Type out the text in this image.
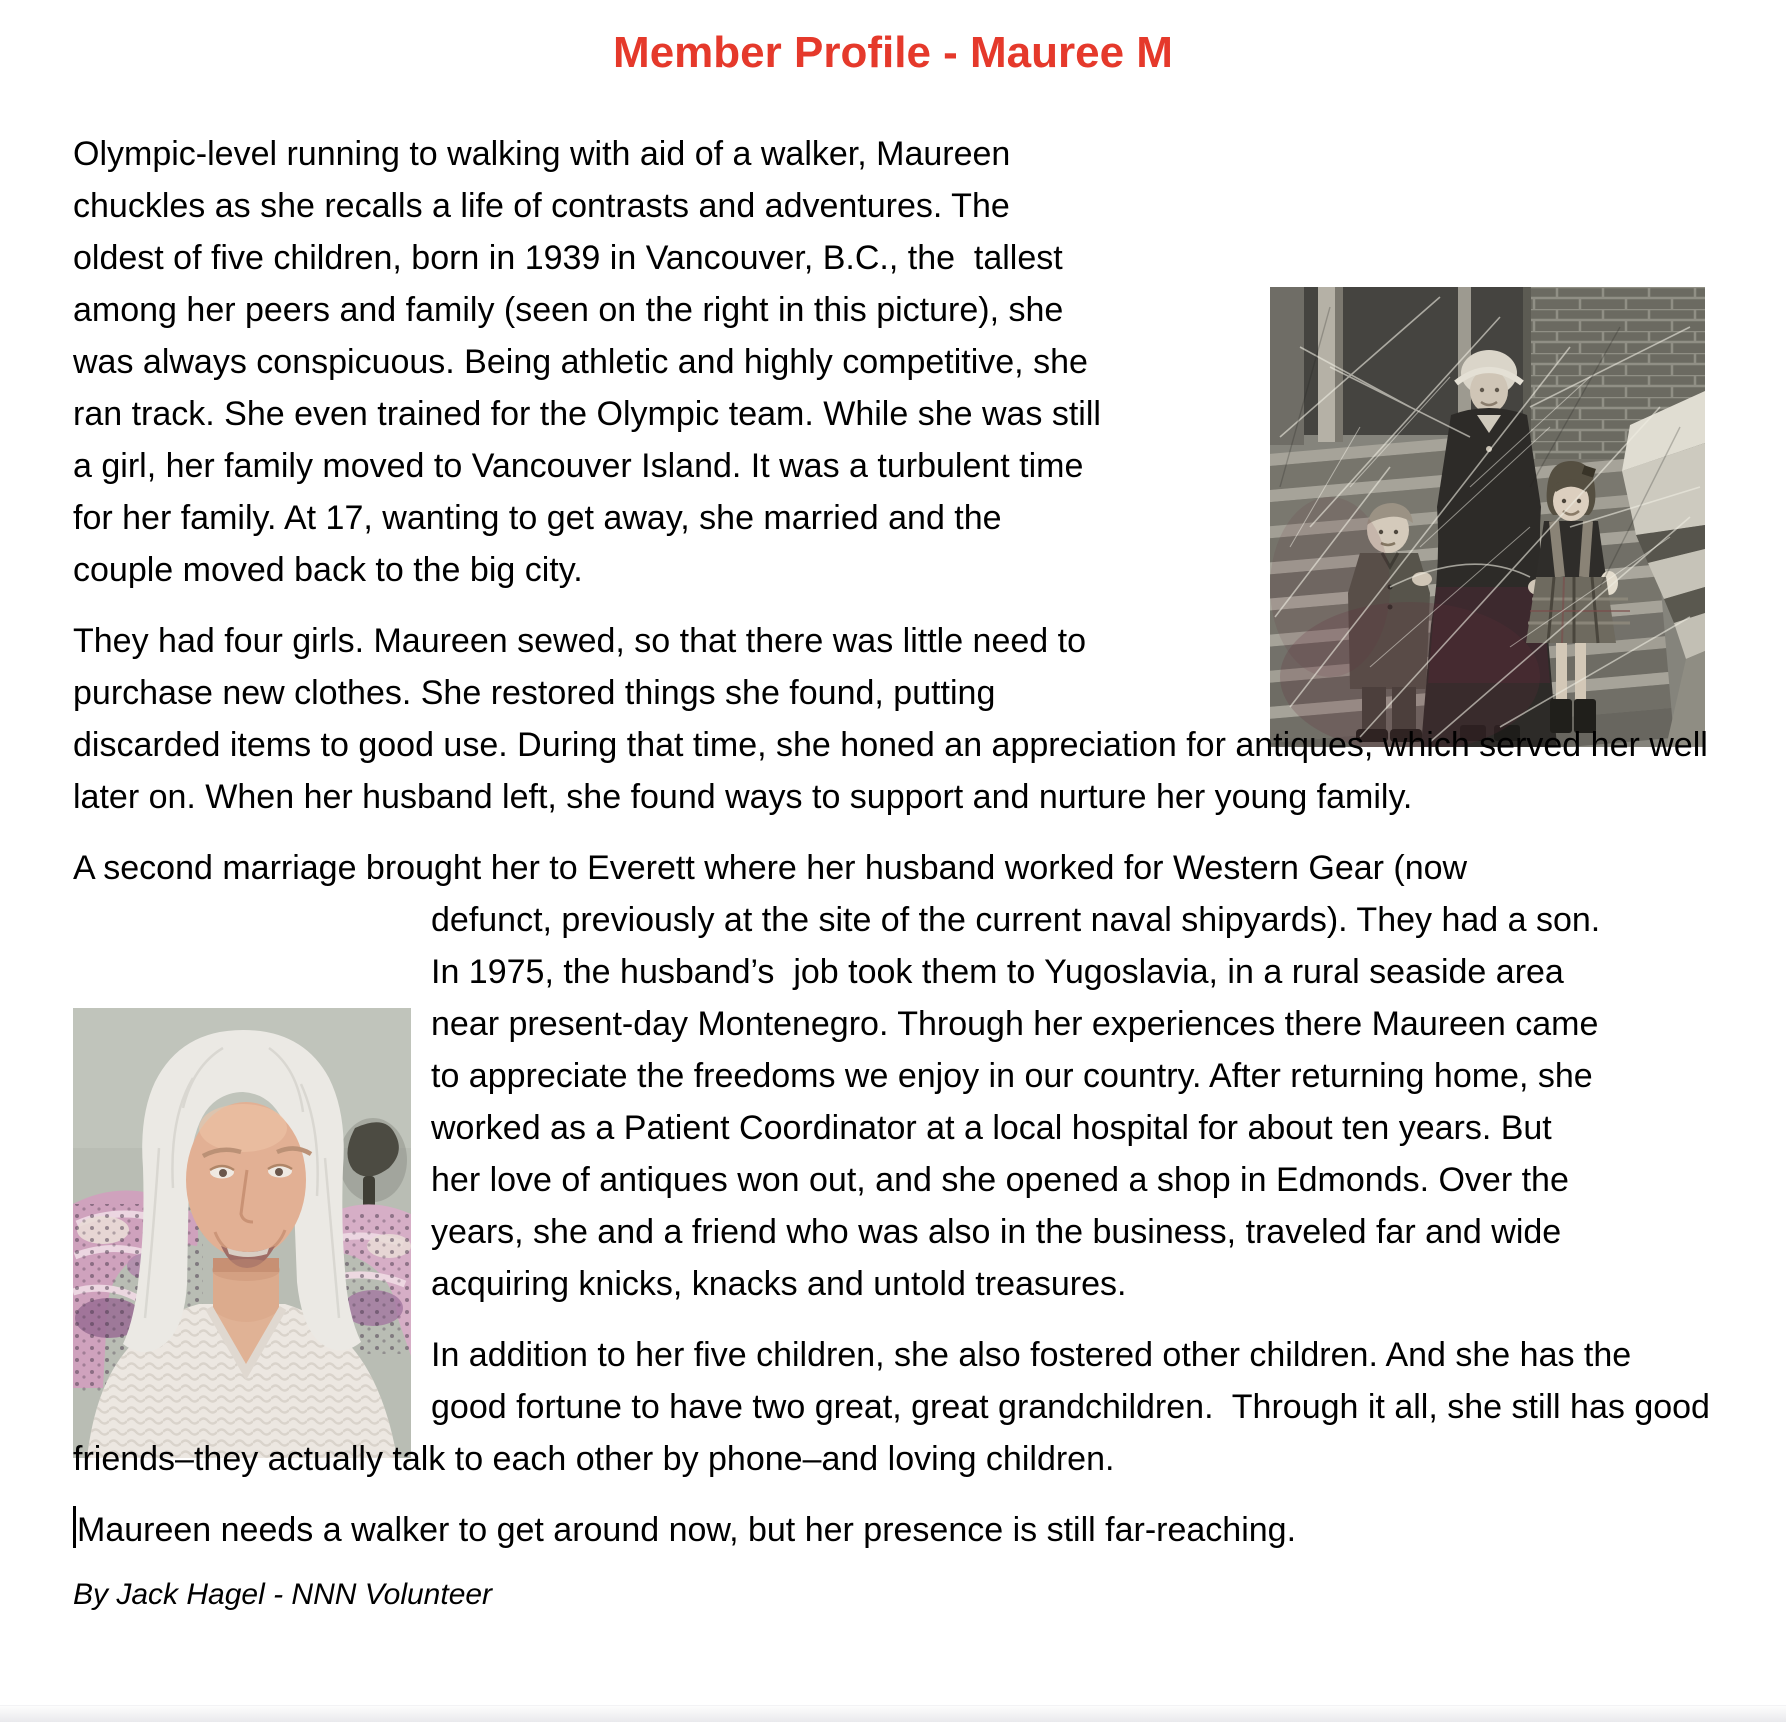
Member Profile - Mauree M

Olympic-level running to walking with aid of a walker, Maureen chuckles as she recalls a life of contrasts and adventures. The oldest of five children, born in 1939 in Vancouver, B.C., the  tallest among her peers and family (seen on the right in this picture), she was always conspicuous. Being athletic and highly competitive, she ran track. She even trained for the Olympic team. While she was still a girl, her family moved to Vancouver Island. It was a turbulent time for her family. At 17, wanting to get away, she married and the couple moved back to the big city.

They had four girls. Maureen sewed, so that there was little need to purchase new clothes. She restored things she found, putting discarded items to good use. During that time, she honed an appreciation for antiques, which served her well later on. When her husband left, she found ways to support and nurture her young family.

A second marriage brought her to Everett where her husband worked for Western Gear (now

defunct, previously at the site of the current naval shipyards). They had a son. In 1975, the husband’s  job took them to Yugoslavia, in a rural seaside area near present-day Montenegro. Through her experiences there Maureen came to appreciate the freedoms we enjoy in our country. After returning home, she worked as a Patient Coordinator at a local hospital for about ten years. But her love of antiques won out, and she opened a shop in Edmonds. Over the years, she and a friend who was also in the business, traveled far and wide acquiring knicks, knacks and untold treasures.

In addition to her five children, she also fostered other children. And she has the good fortune to have two great, great grandchildren.  Through it all, she still has good friends–they actually talk to each other by phone–and loving children.

Maureen needs a walker to get around now, but her presence is still far-reaching.

By Jack Hagel - NNN Volunteer
